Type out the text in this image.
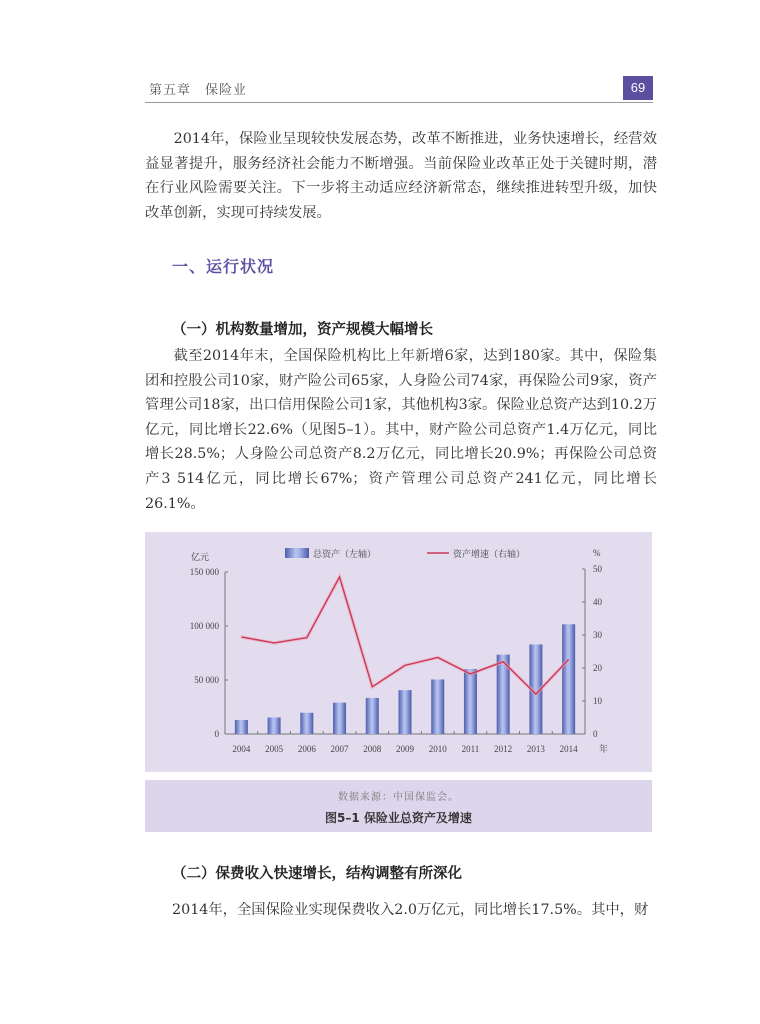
第五章　保险业	69
2014年，保险业呈现较快发展态势，改革不断推进，业务快速增长，经营效益显著提升，服务经济社会能力不断增强。当前保险业改革正处于关键时期，潜在行业风险需要关注。下一步将主动适应经济新常态，继续推进转型升级，加快改革创新，实现可持续发展。
一、运行状况
（一）机构数量增加，资产规模大幅增长
截至2014年末，全国保险机构比上年新增6家，达到180家。其中，保险集团和控股公司10家，财产险公司65家，人身险公司74家，再保险公司9家，资产管理公司18家，出口信用保险公司1家，其他机构3家。保险业总资产达到10.2万亿元，同比增长22.6%（见图5–1）。其中，财产险公司总资产1.4万亿元，同比增长28.5%；人身险公司总资产8.2万亿元，同比增长20.9%；再保险公司总资产3 514亿元，同比增长67%；资产管理公司总资产241亿元，同比增长26.1%。
0
50 000
100 000
150 000
0
10
20
30
40
50
亿元	%
年
2004 2005 2006 2007 2008 2009 2010 2011 2012 2013 2014
总资产（左轴）	资产增速（右轴）
数据来源：中国保监会。
图5–1 保险业总资产及增速
（二）保费收入快速增长，结构调整有所深化
2014年，全国保险业实现保费收入2.0万亿元，同比增长17.5%。其中，财
